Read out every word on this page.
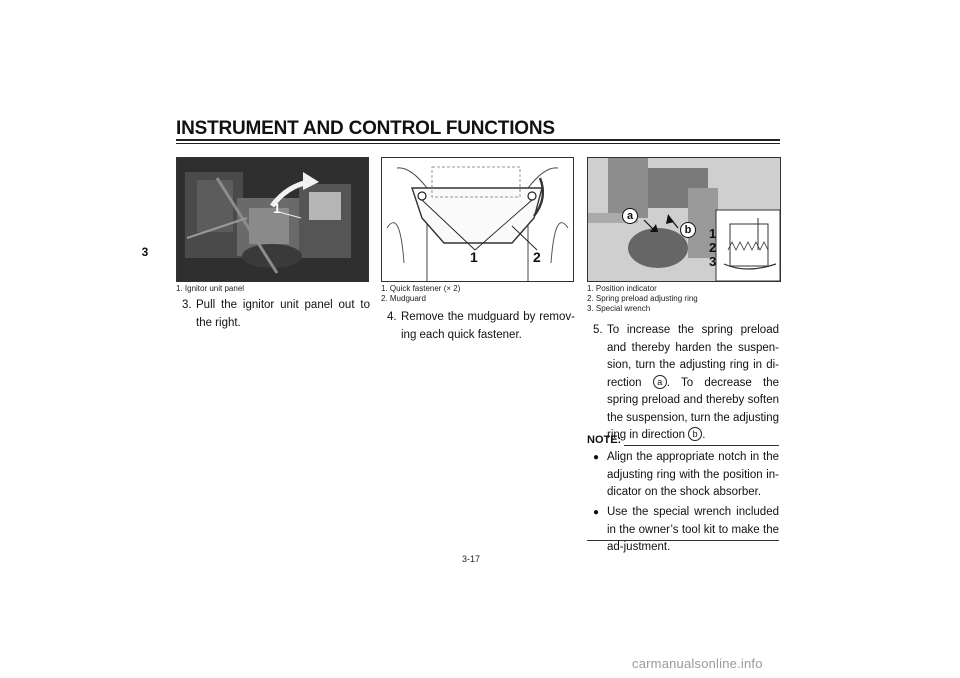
INSTRUMENT AND CONTROL FUNCTIONS
3
1
1. Ignitor unit panel
1	2
1. Quick fastener (× 2)
2. Mudguard
a
b	1
2
3
1. Position indicator
2. Spring preload adjusting ring
3. Special wrench
3. Pull the ignitor unit panel out to the right.	4. Remove the mudguard by remov-ing each quick fastener.	5. To increase the spring preload and thereby harden the suspen-sion, turn the adjusting ring in di-rection a . To decrease the spring preload and thereby soften the suspension, turn the adjusting ring in direction b .
NOTE:
● Align the appropriate notch in the adjusting ring with the position in-dicator on the shock absorber.
● Use the special wrench included in the owner’s tool kit to make the ad-justment.
3-17
carmanualsonline.info
